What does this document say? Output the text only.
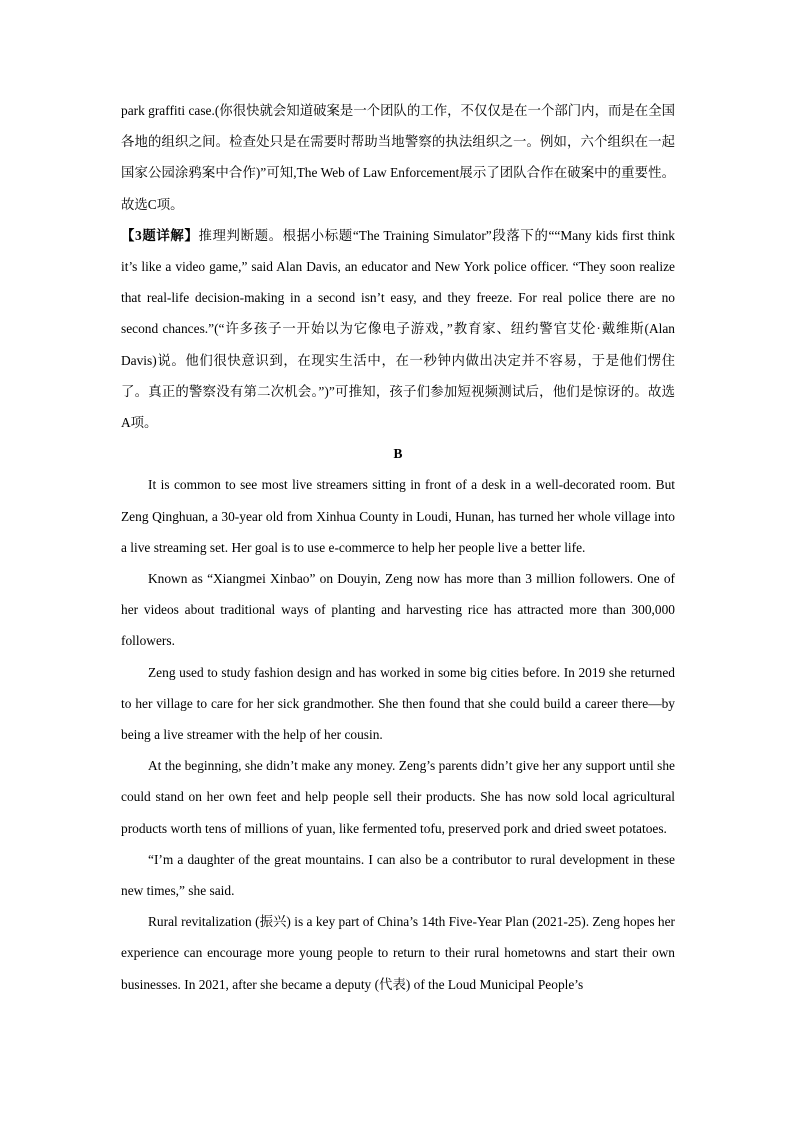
park graffiti case.(你很快就会知道破案是一个团队的工作，不仅仅是在一个部门内，而是在全国各地的组织之间。检查处只是在需要时帮助当地警察的执法组织之一。例如，六个组织在一起国家公园涂鸦案中合作)”可知,The Web of Law Enforcement展示了团队合作在破案中的重要性。故选C项。

【3题详解】推理判断题。根据小标题“The Training Simulator”段落下的““Many kids first think it’s like a video game,” said Alan Davis, an educator and New York police officer. “They soon realize that real-life decision-making in a second isn’t easy, and they freeze. For real police there are no second chances.”(“许多孩子一开始以为它像电子游戏，”教育家、纽约警官艾伦·戴维斯(Alan Davis)说。他们很快意识到，在现实生活中，在一秒钟内做出决定并不容易，于是他们愣住了。真正的警察没有第二次机会。”)”可推知，孩子们参加短视频测试后，他们是惊讶的。故选A项。

B

It is common to see most live streamers sitting in front of a desk in a well-decorated room. But Zeng Qinghuan, a 30-year old from Xinhua County in Loudi, Hunan, has turned her whole village into a live streaming set. Her goal is to use e-commerce to help her people live a better life.

Known as “Xiangmei Xinbao” on Douyin, Zeng now has more than 3 million followers. One of her videos about traditional ways of planting and harvesting rice has attracted more than 300,000 followers.

Zeng used to study fashion design and has worked in some big cities before. In 2019 she returned to her village to care for her sick grandmother. She then found that she could build a career there—by being a live streamer with the help of her cousin.

At the beginning, she didn’t make any money. Zeng’s parents didn’t give her any support until she could stand on her own feet and help people sell their products. She has now sold local agricultural products worth tens of millions of yuan, like fermented tofu, preserved pork and dried sweet potatoes.

“I’m a daughter of the great mountains. I can also be a contributor to rural development in these new times,” she said.

Rural revitalization (振兴) is a key part of China’s 14th Five-Year Plan (2021-25). Zeng hopes her experience can encourage more young people to return to their rural hometowns and start their own businesses. In 2021, after she became a deputy (代表) of the Loud Municipal People’s
